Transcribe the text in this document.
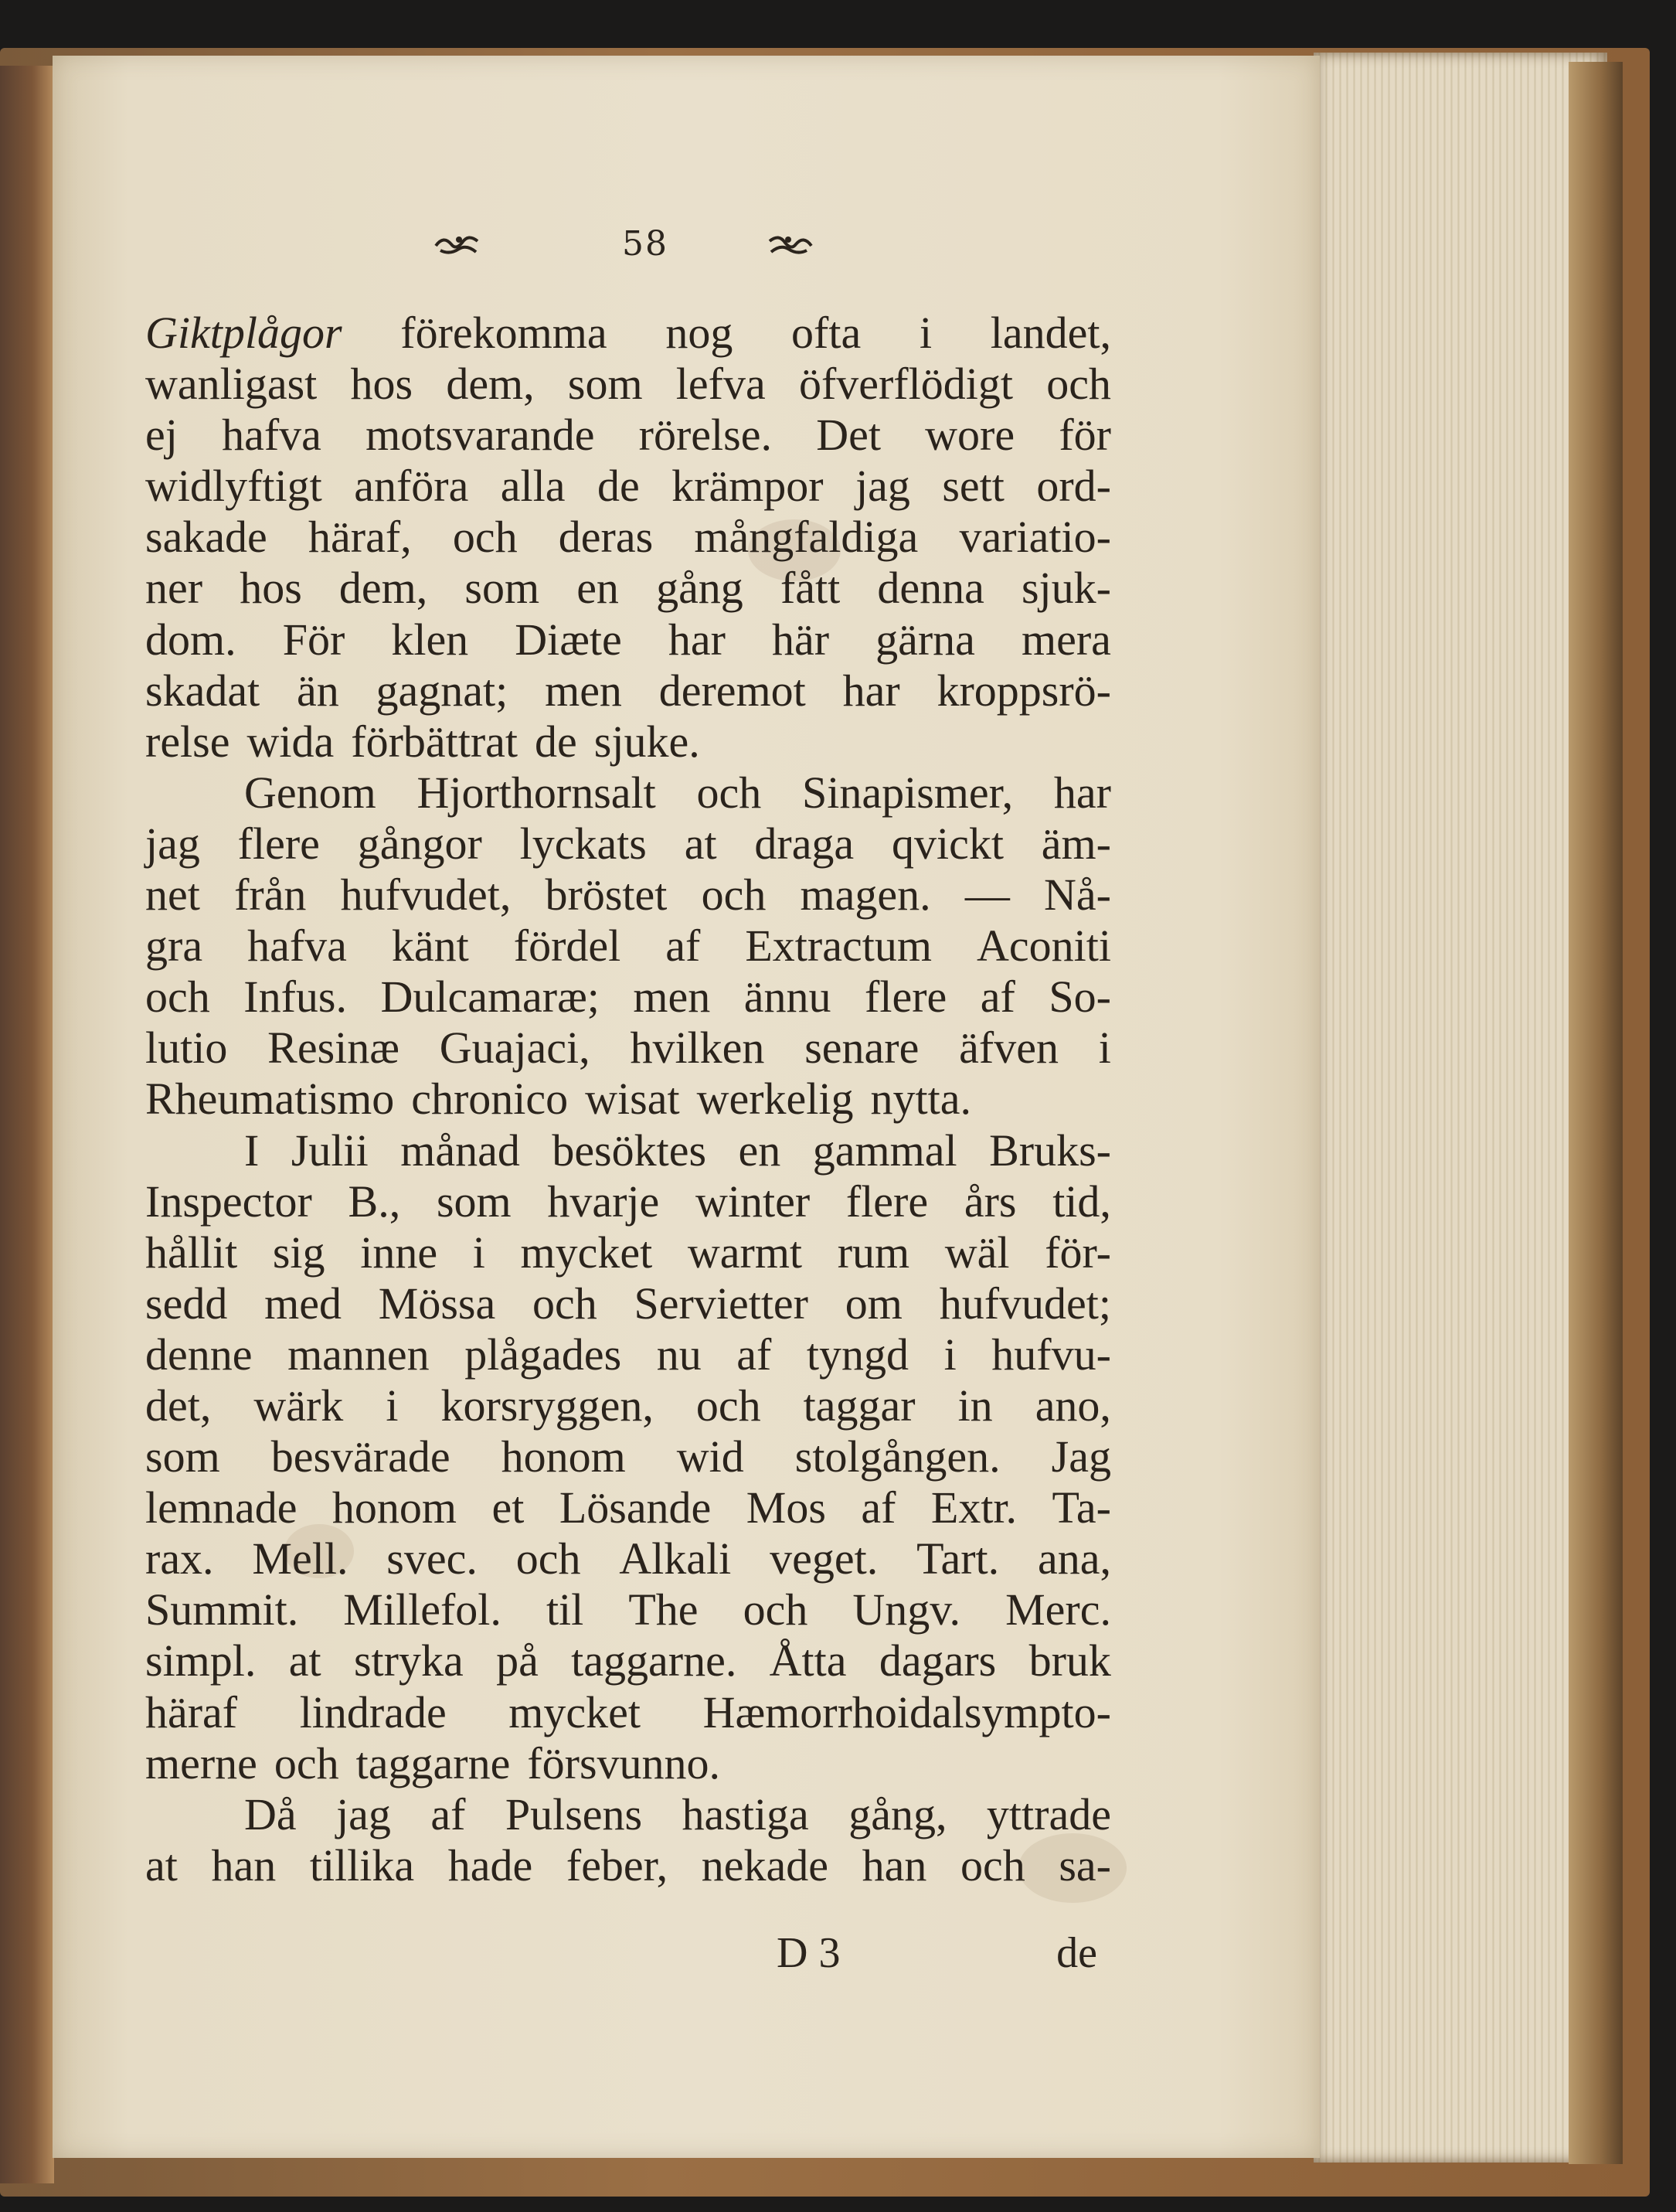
58
Giktplågor förekomma nog ofta i landet,
wanligast hos dem, som lefva öfverflödigt och
ej hafva motsvarande rörelse. Det wore för
widlyftigt anföra alla de krämpor jag sett ord-
sakade häraf, och deras mångfaldiga variatio-
ner hos dem, som en gång fått denna sjuk-
dom. För klen Diæte har här gärna mera
skadat än gagnat; men deremot har kroppsrö-
relse wida förbättrat de sjuke.
Genom Hjorthornsalt och Sinapismer, har
jag flere gångor lyckats at draga qvickt äm-
net från hufvudet, bröstet och magen. — Nå-
gra hafva känt fördel af Extractum Aconiti
och Infus. Dulcamaræ; men ännu flere af So-
lutio Resinæ Guajaci, hvilken senare äfven i
Rheumatismo chronico wisat werkelig nytta.
I Julii månad besöktes en gammal Bruks-
Inspector B., som hvarje winter flere års tid,
hållit sig inne i mycket warmt rum wäl för-
sedd med Mössa och Servietter om hufvudet;
denne mannen plågades nu af tyngd i hufvu-
det, wärk i korsryggen, och taggar in ano,
som besvärade honom wid stolgången. Jag
lemnade honom et Lösande Mos af Extr. Ta-
rax. Mell. svec. och Alkali veget. Tart. ana,
Summit. Millefol. til The och Ungv. Merc.
simpl. at stryka på taggarne. Åtta dagars bruk
häraf lindrade mycket Hæmorrhoidalsympto-
merne och taggarne försvunno.
Då jag af Pulsens hastiga gång, yttrade
at han tillika hade feber, nekade han och sa-
D 3	de
